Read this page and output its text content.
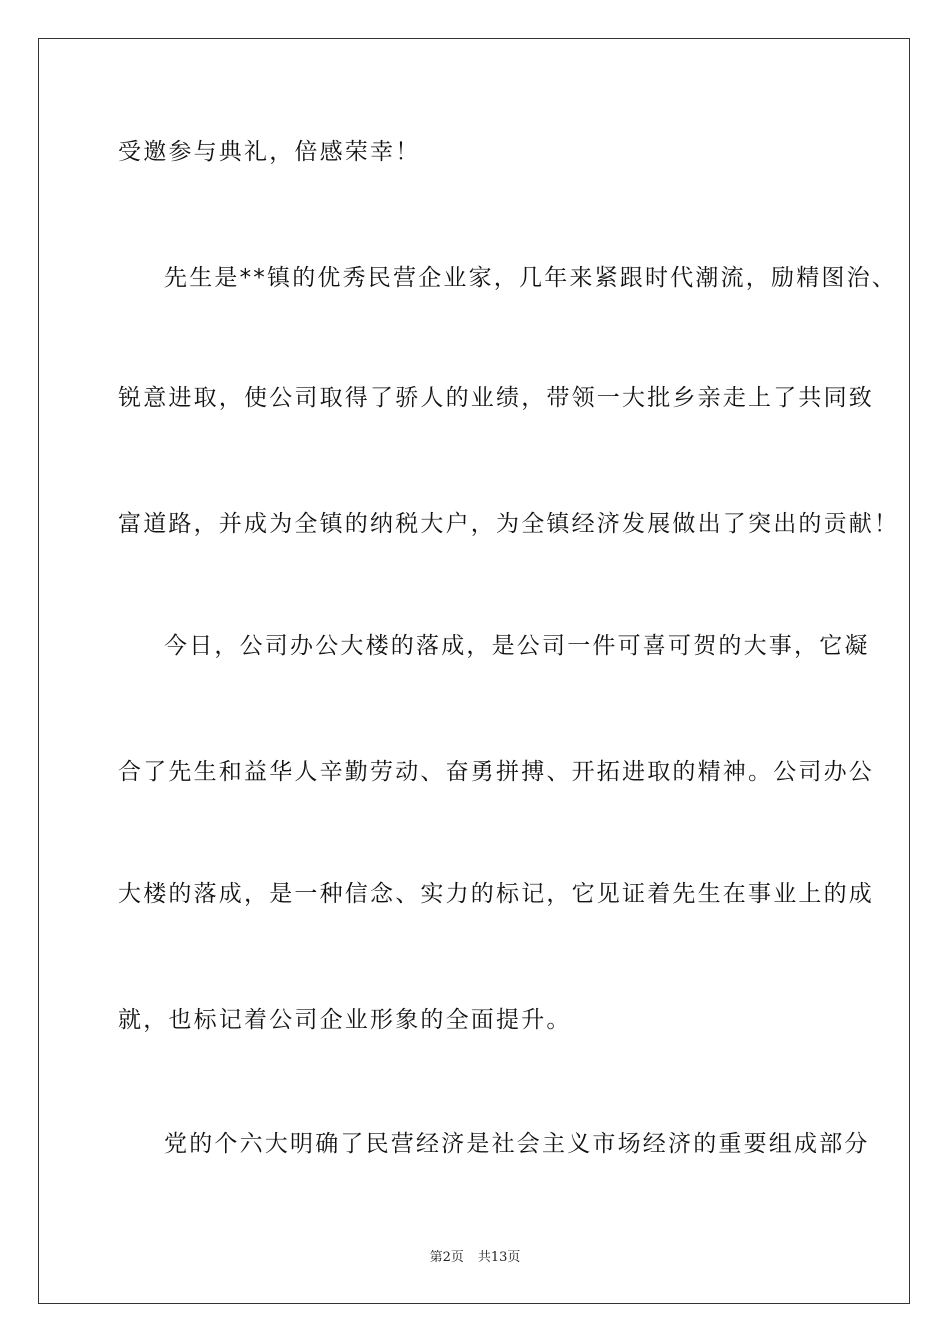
受邀参与典礼，倍感荣幸！
先生是**镇的优秀民营企业家，几年来紧跟时代潮流，励精图治、
锐意进取，使公司取得了骄人的业绩，带领一大批乡亲走上了共同致
富道路，并成为全镇的纳税大户，为全镇经济发展做出了突出的贡献！
今日，公司办公大楼的落成，是公司一件可喜可贺的大事，它凝
合了先生和益华人辛勤劳动、奋勇拼搏、开拓进取的精神。公司办公
大楼的落成，是一种信念、实力的标记，它见证着先生在事业上的成
就，也标记着公司企业形象的全面提升。
党的个六大明确了民营经济是社会主义市场经济的重要组成部分
第2页 共13页
